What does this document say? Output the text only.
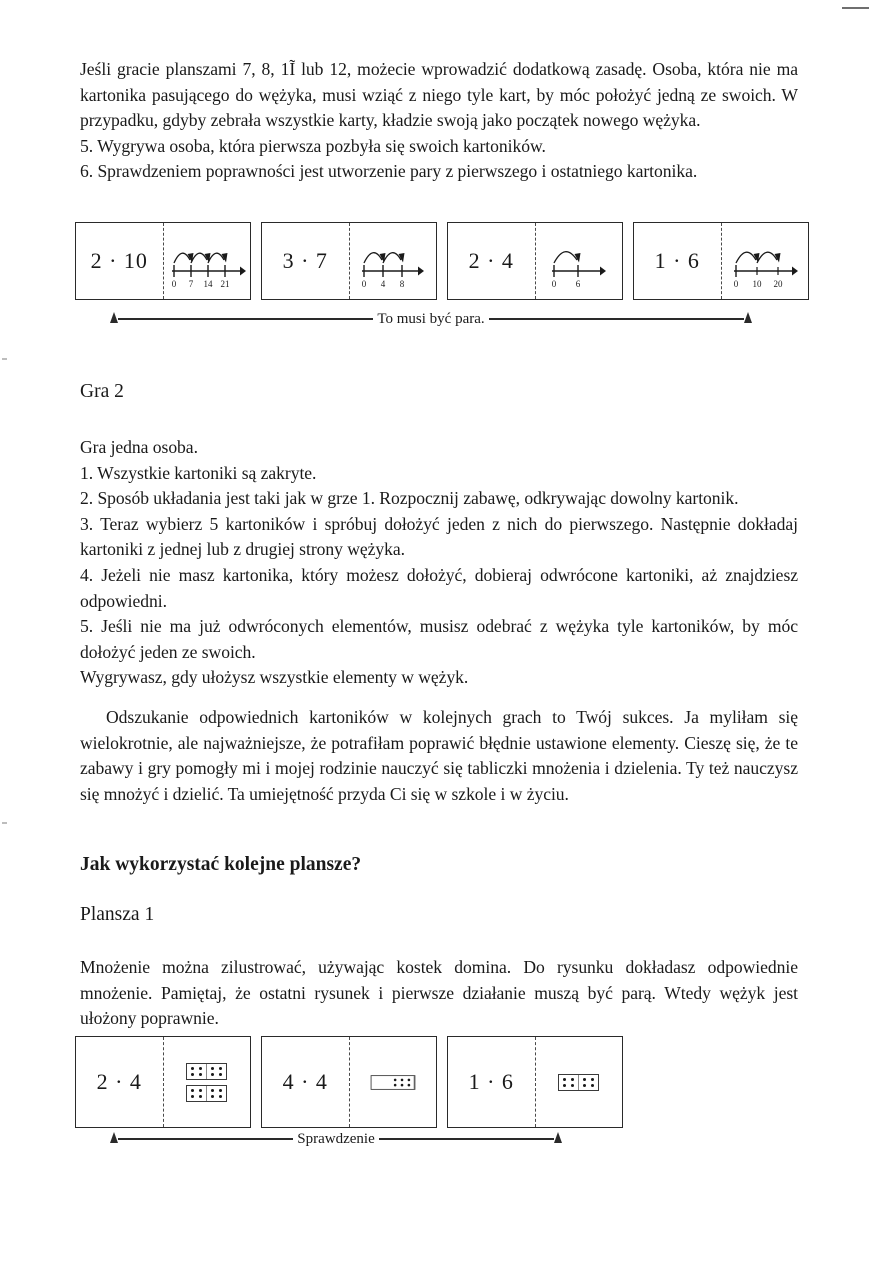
Jeśli gracie planszami 7, 8, 1Ĩ lub 12, możecie wprowadzić dodatkową zasadę. Osoba, która nie ma kartonika pasującego do wężyka, musi wziąć z niego tyle kart, by móc położyć jedną ze swoich. W przypadku, gdyby zebrała wszystkie karty, kładzie swoją jako początek nowego wężyka.

5. Wygrywa osoba, która pierwsza pozbyła się swoich kartoników.

6. Sprawdzeniem poprawności jest utworzenie pary z pierwszego i ostatniego kartonika.

2 · 10
0 7 14 21
3 · 7
0 4 8
2 · 4
0 6
1 · 6
0 10 20
To musi być para.
Gra 2

Gra jedna osoba.

1. Wszystkie kartoniki są zakryte.

2. Sposób układania jest taki jak w grze 1. Rozpocznij zabawę, odkrywając dowolny kartonik.

3. Teraz wybierz 5 kartoników i spróbuj dołożyć jeden z nich do pierwszego. Następnie dokładaj kartoniki z jednej lub z drugiej strony wężyka.

4. Jeżeli nie masz kartonika, który możesz dołożyć, dobieraj odwrócone kartoniki, aż znajdziesz odpowiedni.

5. Jeśli nie ma już odwróconych elementów, musisz odebrać z wężyka tyle kartoników, by móc dołożyć jeden ze swoich.

Wygrywasz, gdy ułożysz wszystkie elementy w wężyk.

Odszukanie odpowiednich kartoników w kolejnych grach to Twój sukces. Ja myliłam się wielokrotnie, ale najważniejsze, że potrafiłam poprawić błędnie ustawione elementy. Cieszę się, że te zabawy i gry pomogły mi i mojej rodzinie nauczyć się tabliczki mnożenia i dzielenia. Ty też nauczysz się mnożyć i dzielić. Ta umiejętność przyda Ci się w szkole i w życiu.

Jak wykorzystać kolejne plansze?
Plansza 1

Mnożenie można zilustrować, używając kostek domina. Do rysunku dokładasz odpowiednie mnożenie. Pamiętaj, że ostatni rysunek i pierwsze działanie muszą być parą. Wtedy wężyk jest ułożony poprawnie.

2 · 4	4 · 4	1 · 6
Sprawdzenie
